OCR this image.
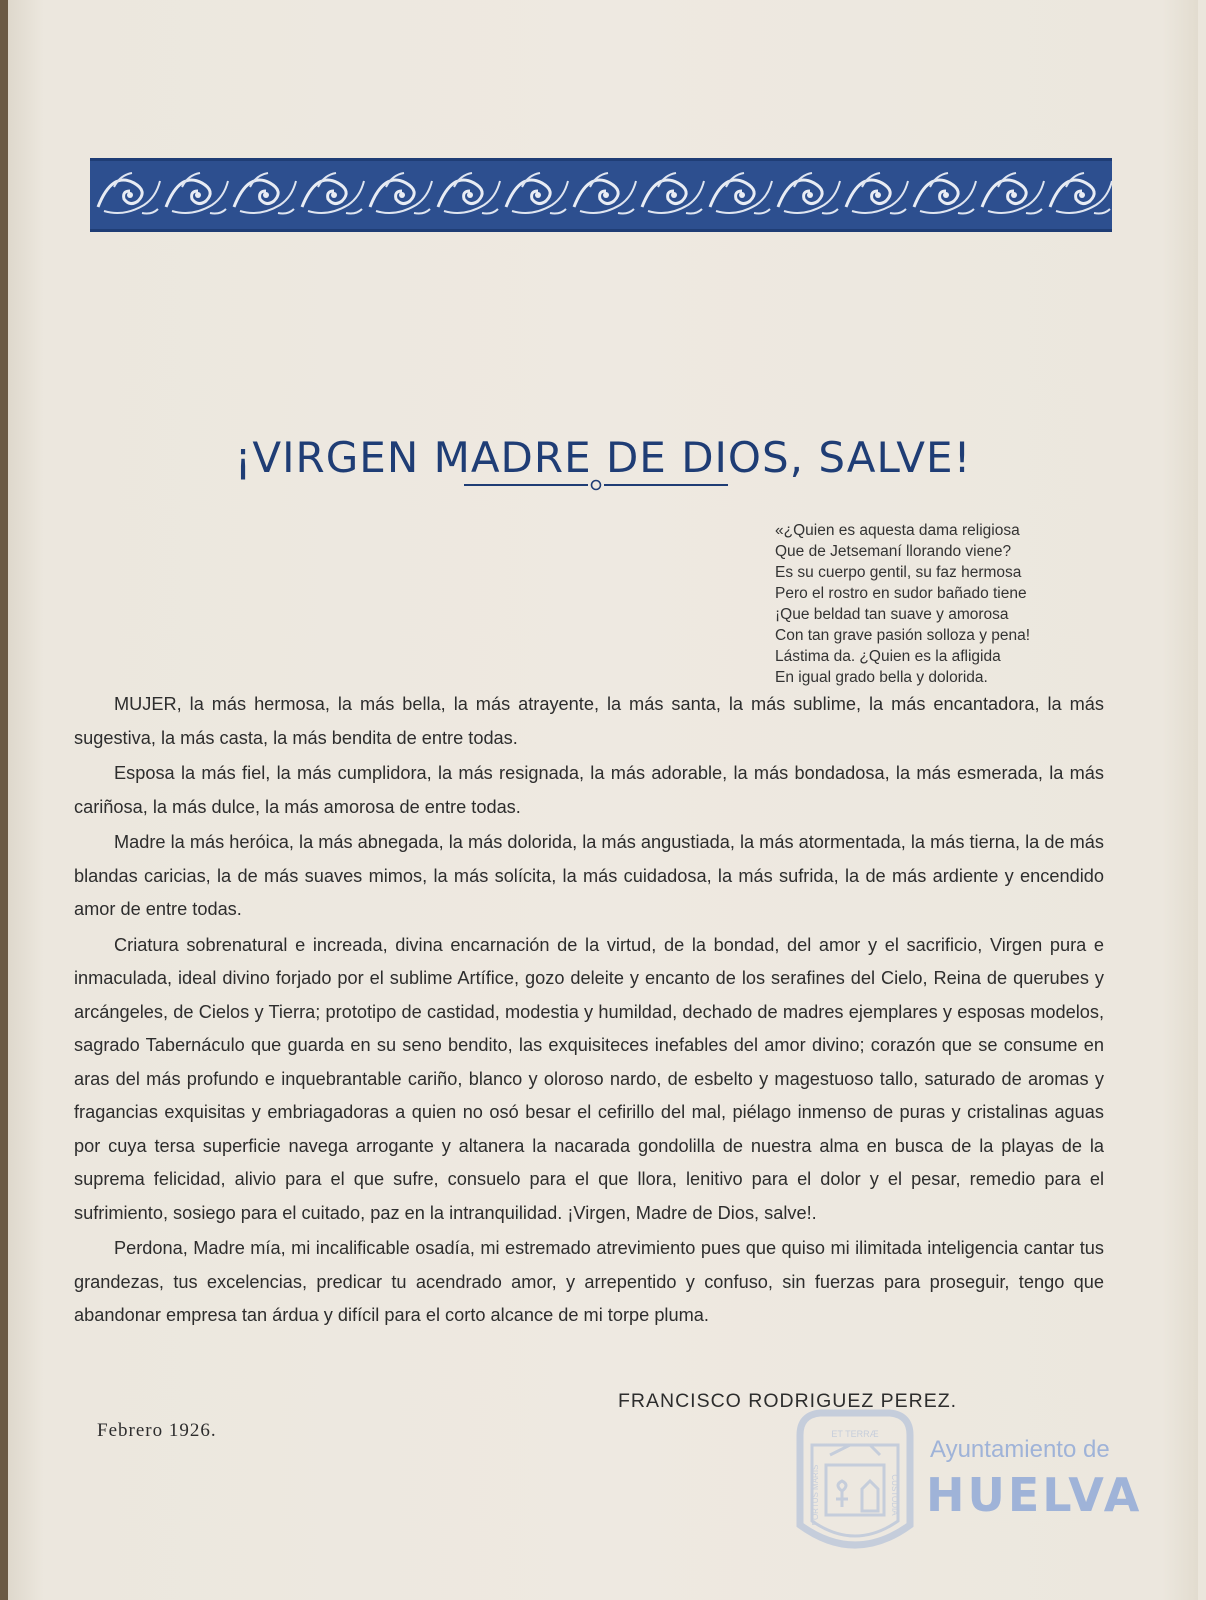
¡VIRGEN MADRE DE DIOS, SALVE!
«¿Quien es aquesta dama religiosa
Que de Jetsemaní llorando viene?
Es su cuerpo gentil, su faz hermosa
Pero el rostro en sudor bañado tiene
¡Que beldad tan suave y amorosa
Con tan grave pasión solloza y pena!
Lástima da. ¿Quien es la afligida
En igual grado bella y dolorida.

MUJER, la más hermosa, la más bella, la más atrayente, la más santa, la más sublime, la más encantadora, la más sugestiva, la más casta, la más bendita de entre todas.

Esposa la más fiel, la más cumplidora, la más resignada, la más adorable, la más bondadosa, la más esmerada, la más cariñosa, la más dulce, la más amorosa de entre todas.

Madre la más heróica, la más abnegada, la más dolorida, la más angustiada, la más atormentada, la más tierna, la de más blandas caricias, la de más suaves mimos, la más solícita, la más cuidadosa, la más sufrida, la de más ardiente y encendido amor de entre todas.

Criatura sobrenatural e increada, divina encarnación de la virtud, de la bondad, del amor y el sacrificio, Virgen pura e inmaculada, ideal divino forjado por el sublime Artífice, gozo deleite y encanto de los serafines del Cielo, Reina de querubes y arcángeles, de Cielos y Tierra; prototipo de castidad, modestia y humildad, dechado de madres ejemplares y esposas modelos, sagrado Tabernáculo que guarda en su seno bendito, las exquisiteces inefables del amor divino; corazón que se consume en aras del más profundo e inquebrantable cariño, blanco y oloroso nardo, de esbelto y magestuoso tallo, saturado de aromas y fragancias exquisitas y embriagadoras a quien no osó besar el cefirillo del mal, piélago inmenso de puras y cristalinas aguas por cuya tersa superficie navega arrogante y altanera la nacarada gondolilla de nuestra alma en busca de la playas de la suprema felicidad, alivio para el que sufre, consuelo para el que llora, lenitivo para el dolor y el pesar, remedio para el sufrimiento, sosiego para el cuitado, paz en la intranquilidad. ¡Virgen, Madre de Dios, salve!.

Perdona, Madre mía, mi incalificable osadía, mi estremado atrevimiento pues que quiso mi ilimitada inteligencia cantar tus grandezas, tus excelencias, predicar tu acendrado amor, y arrepentido y confuso, sin fuerzas para proseguir, tengo que abandonar empresa tan árdua y difícil para el corto alcance de mi torpe pluma.

FRANCISCO RODRIGUEZ PEREZ.
Febrero 1926.	ET TERRÆ
PORTUS MARIS	CUSTODIA
Ayuntamiento de
HUELVA
